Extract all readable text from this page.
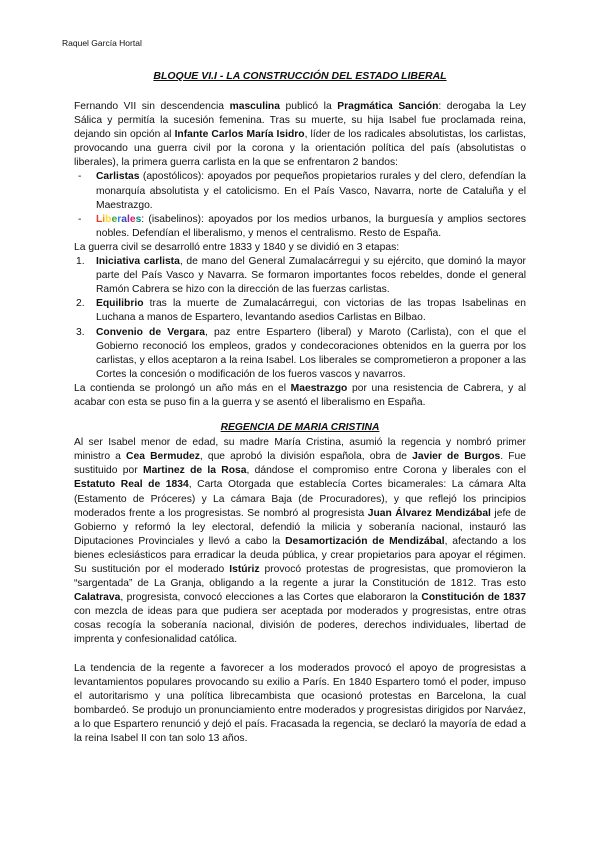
Raquel García Hortal
BLOQUE VI.I - LA CONSTRUCCIÓN DEL ESTADO LIBERAL

Fernando VII sin descendencia masculina publicó la Pragmática Sanción: derogaba la Ley Sálica y permitía la sucesión femenina. Tras su muerte, su hija Isabel fue proclamada reina, dejando sin opción al Infante Carlos María Isidro, líder de los radicales absolutistas, los carlistas, provocando una guerra civil por la corona y la orientación política del país (absolutistas o liberales), la primera guerra carlista en la que se enfrentaron 2 bandos:

- Carlistas (apostólicos): apoyados por pequeños propietarios rurales y del clero, defendían la monarquía absolutista y el catolicismo. En el País Vasco, Navarra, norte de Cataluña y el Maestrazgo.
- Liberales: (isabelinos): apoyados por los medios urbanos, la burguesía y amplios sectores nobles. Defendían el liberalismo, y menos el centralismo. Resto de España.

La guerra civil se desarrolló entre 1833 y 1840 y se dividió en 3 etapas:

1. Iniciativa carlista, de mano del General Zumalacárregui y su ejército, que dominó la mayor parte del País Vasco y Navarra. Se formaron importantes focos rebeldes, donde el general Ramón Cabrera se hizo con la dirección de las fuerzas carlistas.
2. Equilibrio tras la muerte de Zumalacárregui, con victorias de las tropas Isabelinas en Luchana a manos de Espartero, levantando asedios Carlistas en Bilbao.
3. Convenio de Vergara, paz entre Espartero (liberal) y Maroto (Carlista), con el que el Gobierno reconoció los empleos, grados y condecoraciones obtenidos en la guerra por los carlistas, y ellos aceptaron a la reina Isabel. Los liberales se comprometieron a proponer a las Cortes la concesión o modificación de los fueros vascos y navarros.

La contienda se prolongó un año más en el Maestrazgo por una resistencia de Cabrera, y al acabar con esta se puso fin a la guerra y se asentó el liberalismo en España.

REGENCIA DE MARIA CRISTINA

Al ser Isabel menor de edad, su madre María Cristina, asumió la regencia y nombró primer ministro a Cea Bermudez, que aprobó la división española, obra de Javier de Burgos. Fue sustituido por Martinez de la Rosa, dándose el compromiso entre Corona y liberales con el Estatuto Real de 1834, Carta Otorgada que establecía Cortes bicamerales: La cámara Alta (Estamento de Próceres) y La cámara Baja (de Procuradores), y que reflejó los principios moderados frente a los progresistas. Se nombró al progresista Juan Álvarez Mendizábal jefe de Gobierno y reformó la ley electoral, defendió la milicia y soberanía nacional, instauró las Diputaciones Provinciales y llevó a cabo la Desamortización de Mendizábal, afectando a los bienes eclesiásticos para erradicar la deuda pública, y crear propietarios para apoyar el régimen. Su sustitución por el moderado Istúriz provocó protestas de progresistas, que promovieron la “sargentada” de La Granja, obligando a la regente a jurar la Constitución de 1812. Tras esto Calatrava, progresista, convocó elecciones a las Cortes que elaboraron la Constitución de 1837 con mezcla de ideas para que pudiera ser aceptada por moderados y progresistas, entre otras cosas recogía la soberanía nacional, división de poderes, derechos individuales, libertad de imprenta y confesionalidad católica.

La tendencia de la regente a favorecer a los moderados provocó el apoyo de progresistas a levantamientos populares provocando su exilio a París. En 1840 Espartero tomó el poder, impuso el autoritarismo y una política librecambista que ocasionó protestas en Barcelona, la cual bombardeó. Se produjo un pronunciamiento entre moderados y progresistas dirigidos por Narváez, a lo que Espartero renunció y dejó el país. Fracasada la regencia, se declaró la mayoría de edad a la reina Isabel II con tan solo 13 años.
